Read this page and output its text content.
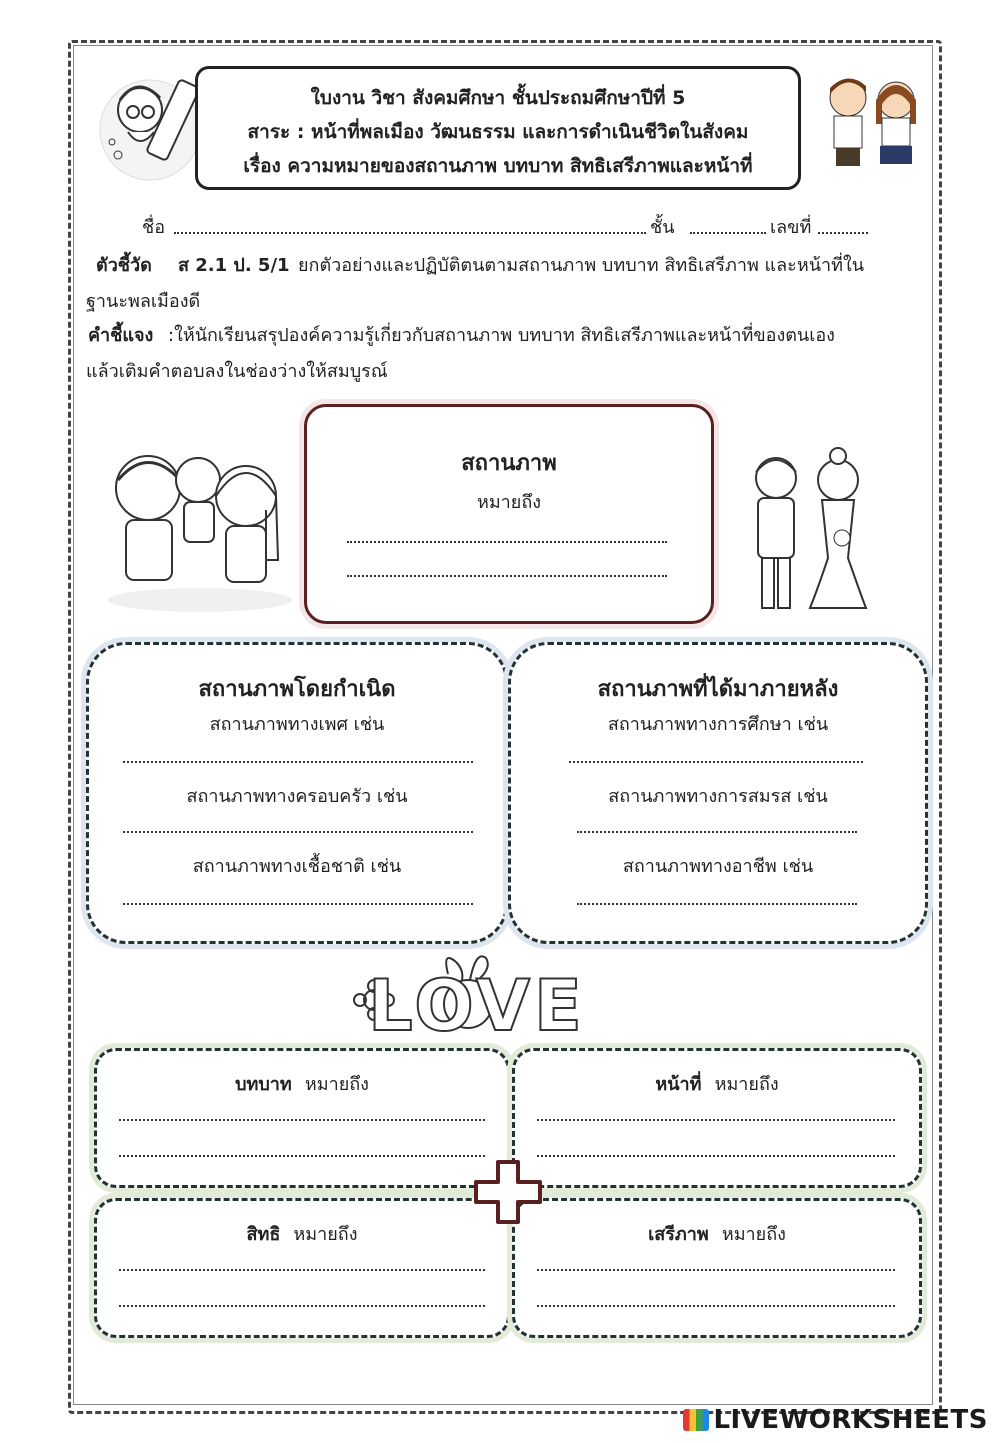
ใบงาน วิชา สังคมศึกษา ชั้นประถมศึกษาปีที่ 5
สาระ : หน้าที่พลเมือง วัฒนธรรม และการดำเนินชีวิตในสังคม
เรื่อง ความหมายของสถานภาพ บทบาท สิทธิเสรีภาพและหน้าที่
ชื่อ	ชั้น	เลขที่
ตัวชี้วัด ส 2.1 ป. 5/1 ยกตัวอย่างและปฏิบัติตนตามสถานภาพ บทบาท สิทธิเสรีภาพ และหน้าที่ใน
ฐานะพลเมืองดี
คำชี้แจง :ให้นักเรียนสรุปองค์ความรู้เกี่ยวกับสถานภาพ บทบาท สิทธิเสรีภาพและหน้าที่ของตนเอง
แล้วเติมคำตอบลงในช่องว่างให้สมบูรณ์
สถานภาพ
หมายถึง
สถานภาพโดยกำเนิด
สถานภาพทางเพศ เช่น
สถานภาพทางครอบครัว เช่น
สถานภาพทางเชื้อชาติ เช่น
สถานภาพที่ได้มาภายหลัง
สถานภาพทางการศึกษา เช่น
สถานภาพทางการสมรส เช่น
สถานภาพทางอาชีพ เช่น
LOVE
บทบาท หมายถึง	หน้าที่ หมายถึง
สิทธิ หมายถึง	เสรีภาพ หมายถึง
LIVEWORKSHEETS
